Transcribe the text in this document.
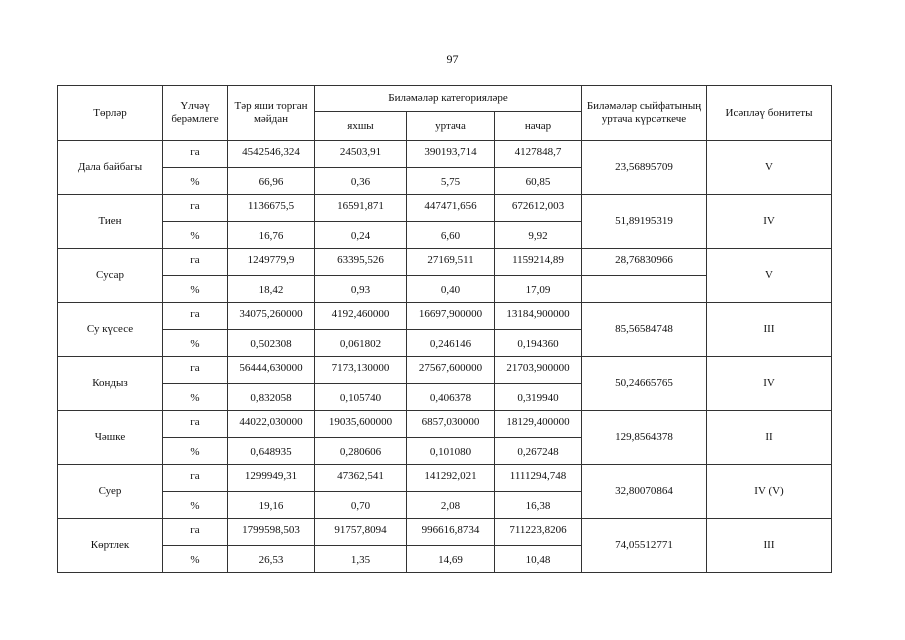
97
Төрләр	Үлчәү берәмлеге	Тәр яши торган мәйдан	Биләмәләр категорияләре			Биләмәләр сыйфатының уртача күрсәткече	Исәпләү бонитеты
			яхшы	уртача	начар		
Дала байбагы	га	4542546,324	24503,91	390193,714	4127848,7	23,56895709	V
	%	66,96	0,36	5,75	60,85		
Тиен	га	1136675,5	16591,871	447471,656	672612,003	51,89195319	IV
	%	16,76	0,24	6,60	9,92		
Сусар	га	1249779,9	63395,526	27169,511	1159214,89	28,76830966	V
	%	18,42	0,93	0,40	17,09		
Су күсесе	га	34075,260000	4192,460000	16697,900000	13184,900000	85,56584748	III
	%	0,502308	0,061802	0,246146	0,194360		
Кондыз	га	56444,630000	7173,130000	27567,600000	21703,900000	50,24665765	IV
	%	0,832058	0,105740	0,406378	0,319940		
Чәшке	га	44022,030000	19035,600000	6857,030000	18129,400000	129,8564378	II
	%	0,648935	0,280606	0,101080	0,267248		
Суер	га	1299949,31	47362,541	141292,021	1111294,748	32,80070864	IV (V)
	%	19,16	0,70	2,08	16,38		
Көртлек	га	1799598,503	91757,8094	996616,8734	711223,8206	74,05512771	III
	%	26,53	1,35	14,69	10,48		
